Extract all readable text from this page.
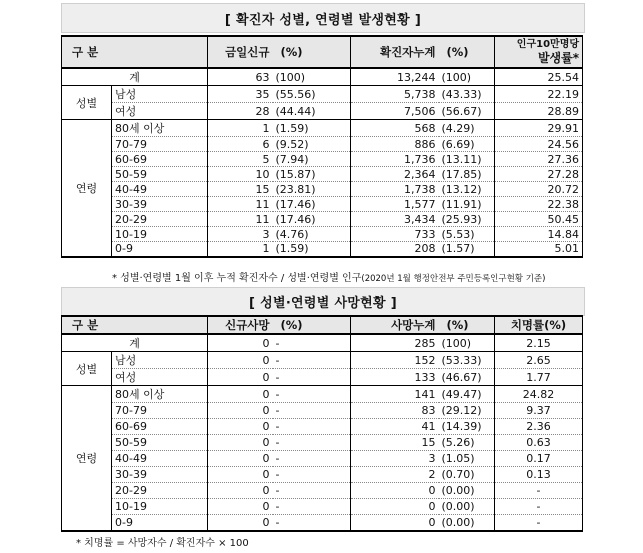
[ 확진자 성별, 연령별 발생현황 ]
구 분		금일신규	(%)	확진자누계	(%)	인구10만명당
발생률*

계		63	(100)	13,244	(100)	25.54
성별	남성	35	(55.56)	5,738	(43.33)	22.19
	여성	28	(44.44)	7,506	(56.67)	28.89
연령	80세 이상	1	(1.59)	568	(4.29)	29.91
	70-79	6	(9.52)	886	(6.69)	24.56
	60-69	5	(7.94)	1,736	(13.11)	27.36
	50-59	10	(15.87)	2,364	(17.85)	27.28
	40-49	15	(23.81)	1,738	(13.12)	20.72
	30-39	11	(17.46)	1,577	(11.91)	22.38
	20-29	11	(17.46)	3,434	(25.93)	50.45
	10-19	3	(4.76)	733	(5.53)	14.84
	0-9	1	(1.59)	208	(1.57)	5.01
* 성별·연령별 1월 이후 누적 확진자수 / 성별·연령별 인구(2020년 1월 행정안전부 주민등록인구현황 기준)
[ 성별·연령별 사망현황 ]
구 분		신규사망	(%)	사망누계	(%)	치명률(%)
계		0	-	285	(100)	2.15
성별	남성	0	-	152	(53.33)	2.65
	여성	0	-	133	(46.67)	1.77
연령	80세 이상	0	-	141	(49.47)	24.82
	70-79	0	-	83	(29.12)	9.37
	60-69	0	-	41	(14.39)	2.36
	50-59	0	-	15	(5.26)	0.63
	40-49	0	-	3	(1.05)	0.17
	30-39	0	-	2	(0.70)	0.13
	20-29	0	-	0	(0.00)	-
	10-19	0	-	0	(0.00)	-
	0-9	0	-	0	(0.00)	-
* 치명률 = 사망자수 / 확진자수 × 100
